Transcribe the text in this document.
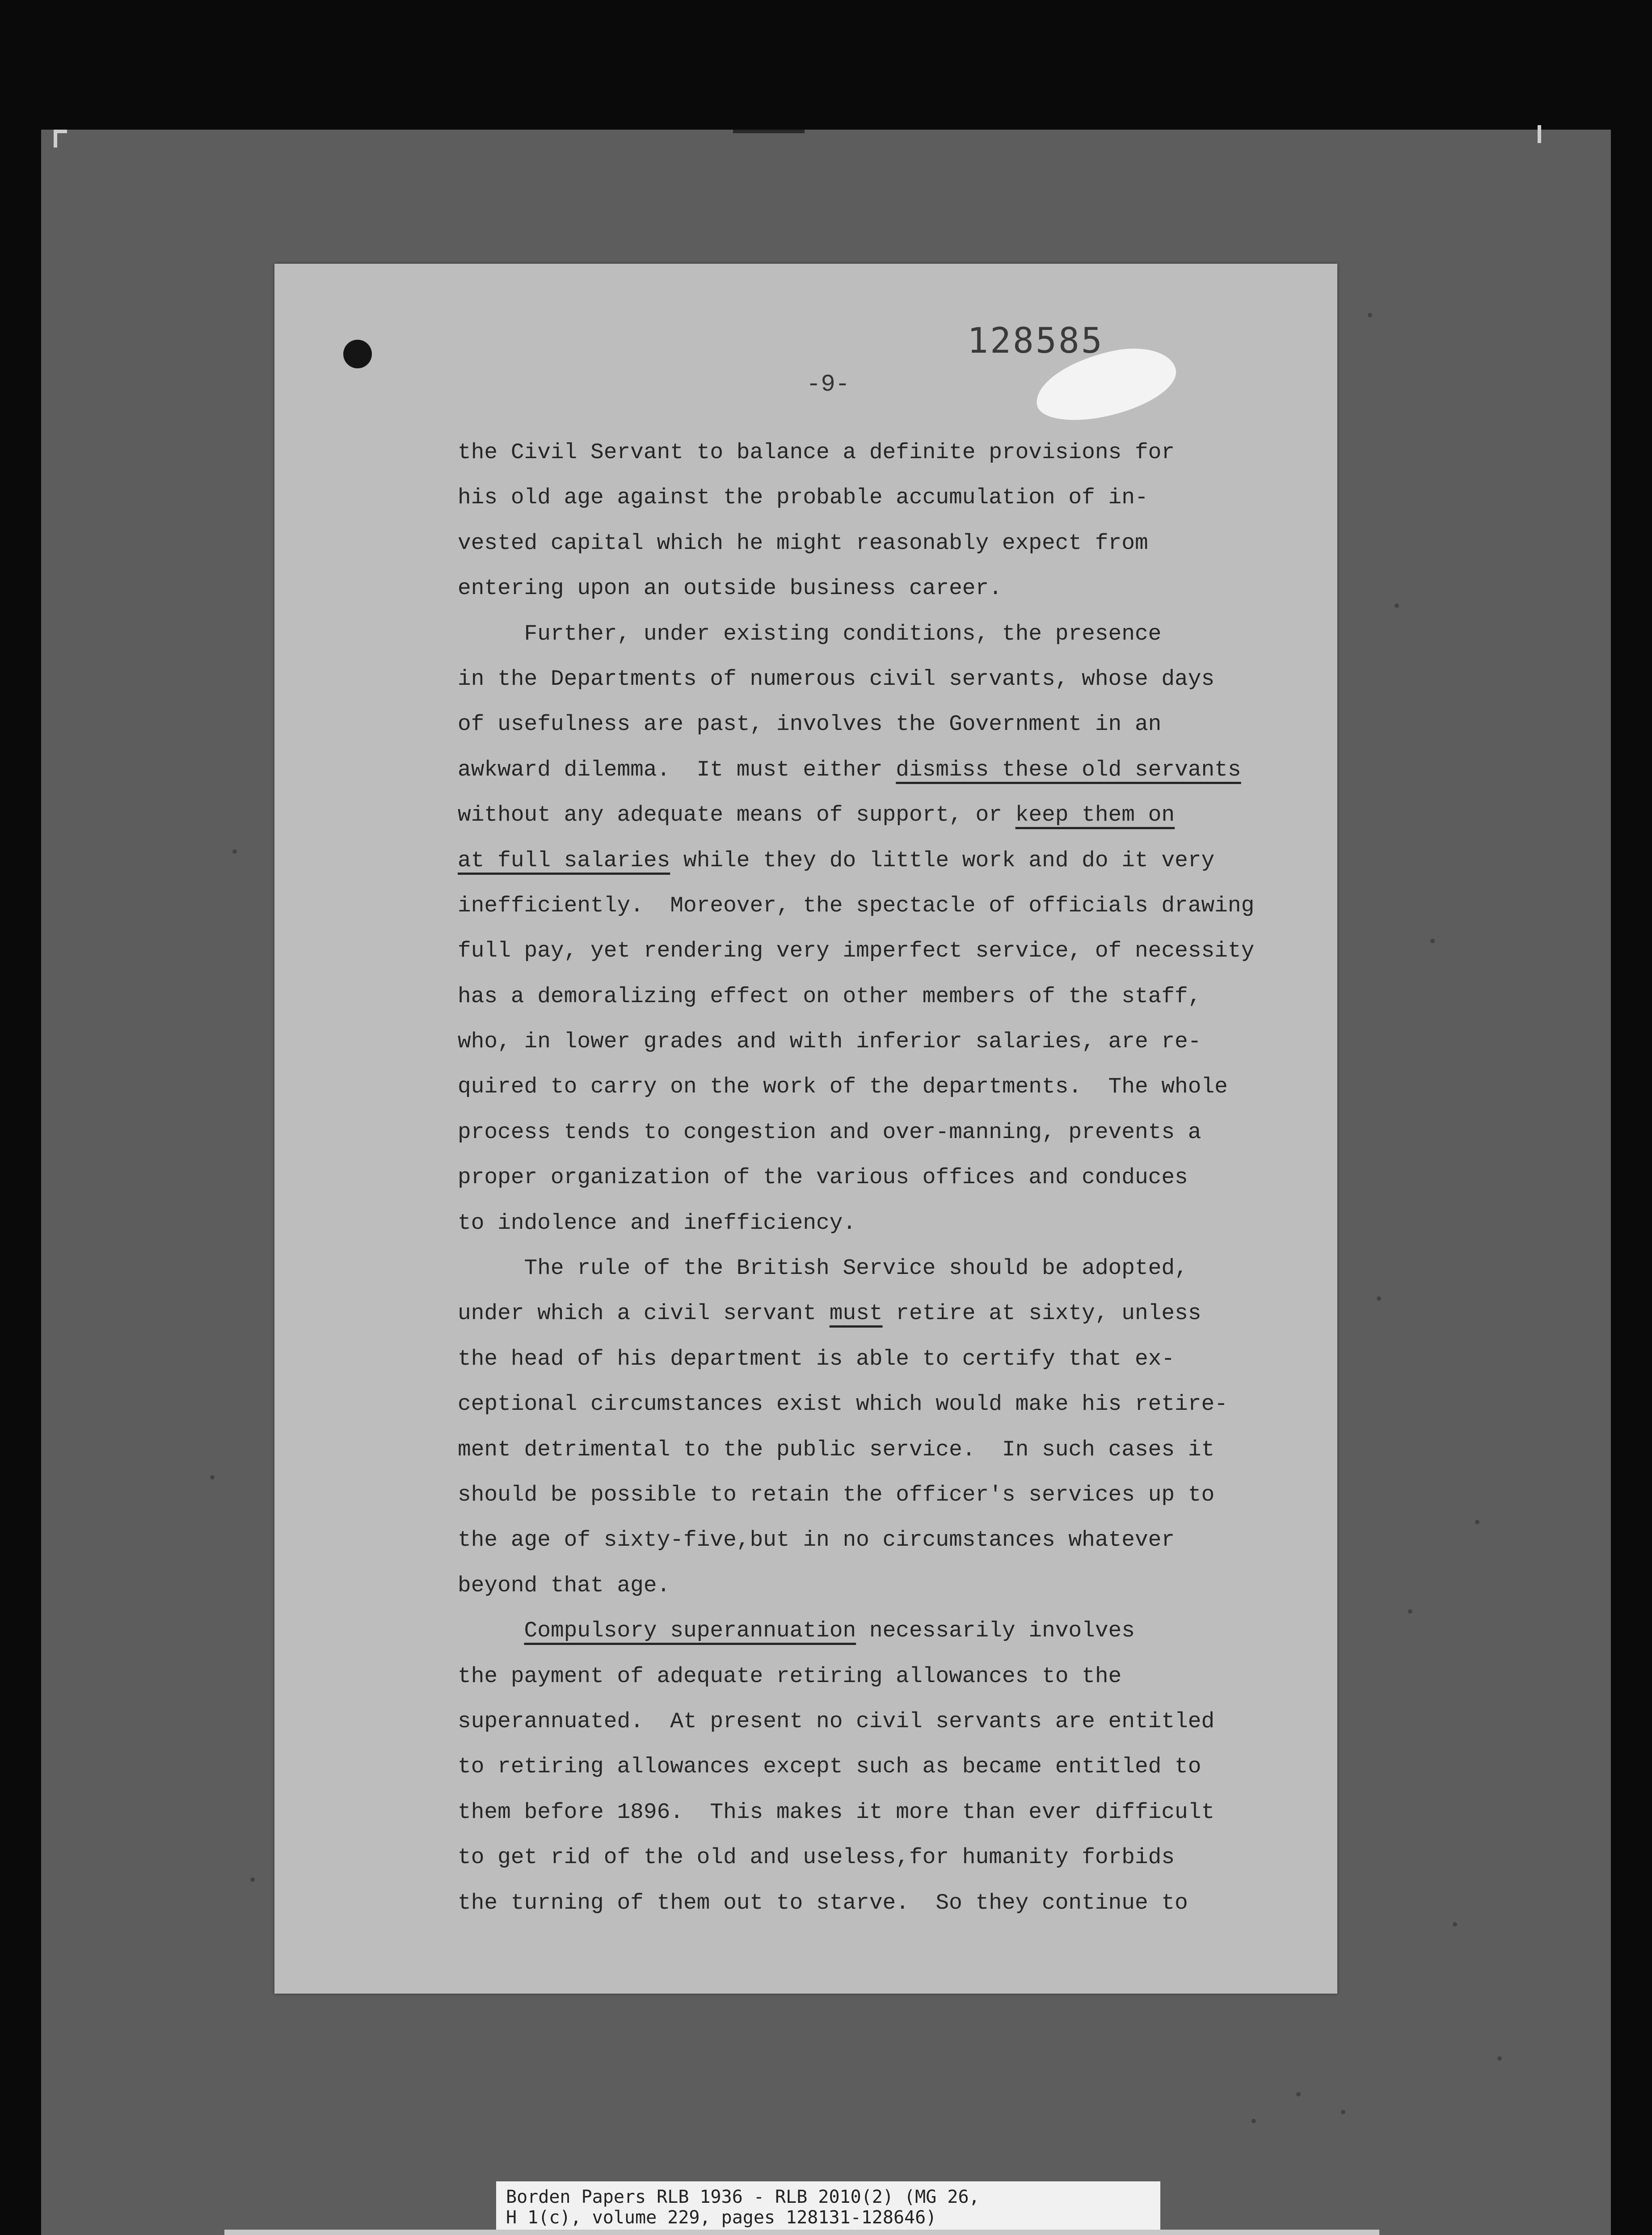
128585
-9-
the Civil Servant to balance a definite provisions for
his old age against the probable accumulation of in-
vested capital which he might reasonably expect from
entering upon an outside business career.
Further, under existing conditions, the presence
in the Departments of numerous civil servants, whose days
of usefulness are past, involves the Government in an
awkward dilemma.  It must either dismiss these old servants
without any adequate means of support, or keep them on
at full salaries while they do little work and do it very
inefficiently.  Moreover, the spectacle of officials drawing
full pay, yet rendering very imperfect service, of necessity
has a demoralizing effect on other members of the staff,
who, in lower grades and with inferior salaries, are re-
quired to carry on the work of the departments.  The whole
process tends to congestion and over-manning, prevents a
proper organization of the various offices and conduces
to indolence and inefficiency.
The rule of the British Service should be adopted,
under which a civil servant must retire at sixty, unless
the head of his department is able to certify that ex-
ceptional circumstances exist which would make his retire-
ment detrimental to the public service.  In such cases it
should be possible to retain the officer's services up to
the age of sixty-five,but in no circumstances whatever
beyond that age.
Compulsory superannuation necessarily involves
the payment of adequate retiring allowances to the
superannuated.  At present no civil servants are entitled
to retiring allowances except such as became entitled to
them before 1896.  This makes it more than ever difficult
to get rid of the old and useless,for humanity forbids
the turning of them out to starve.  So they continue to
Borden Papers RLB 1936 - RLB 2010(2) (MG 26,
H 1(c), volume 229, pages 128131-128646)
